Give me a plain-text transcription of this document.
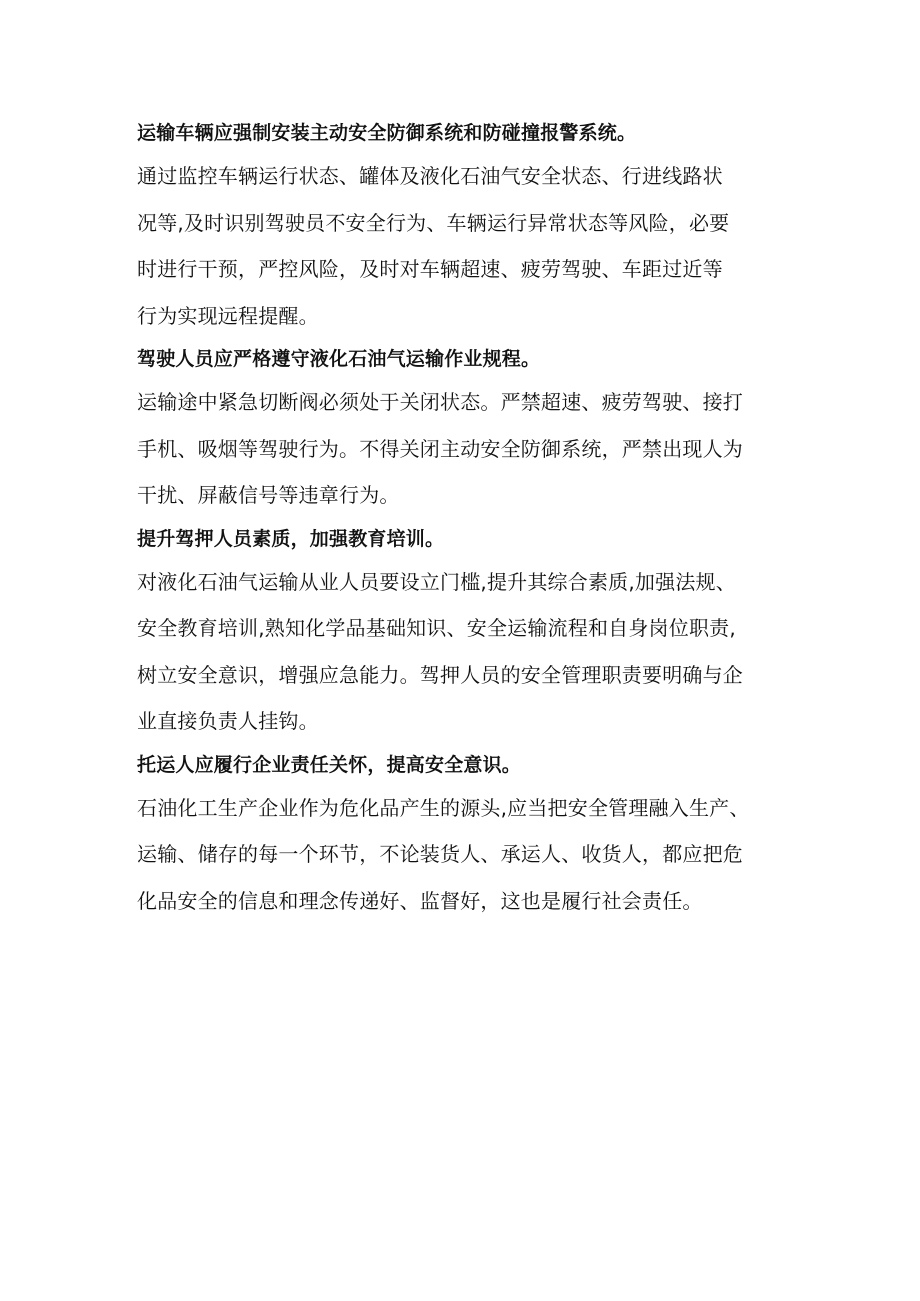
运输车辆应强制安装主动安全防御系统和防碰撞报警系统。

通过监控车辆运行状态、罐体及液化石油气安全状态、行进线路状

况等,及时识别驾驶员不安全行为、车辆运行异常状态等风险，必要

时进行干预，严控风险，及时对车辆超速、疲劳驾驶、车距过近等

行为实现远程提醒。

驾驶人员应严格遵守液化石油气运输作业规程。

运输途中紧急切断阀必须处于关闭状态。严禁超速、疲劳驾驶、接打

手机、吸烟等驾驶行为。不得关闭主动安全防御系统，严禁出现人为

干扰、屏蔽信号等违章行为。

提升驾押人员素质，加强教育培训。

对液化石油气运输从业人员要设立门槛,提升其综合素质,加强法规、

安全教育培训,熟知化学品基础知识、安全运输流程和自身岗位职责,

树立安全意识，增强应急能力。驾押人员的安全管理职责要明确与企

业直接负责人挂钩。

托运人应履行企业责任关怀，提高安全意识。

石油化工生产企业作为危化品产生的源头,应当把安全管理融入生产、

运输、储存的每一个环节，不论装货人、承运人、收货人，都应把危

化品安全的信息和理念传递好、监督好，这也是履行社会责任。
